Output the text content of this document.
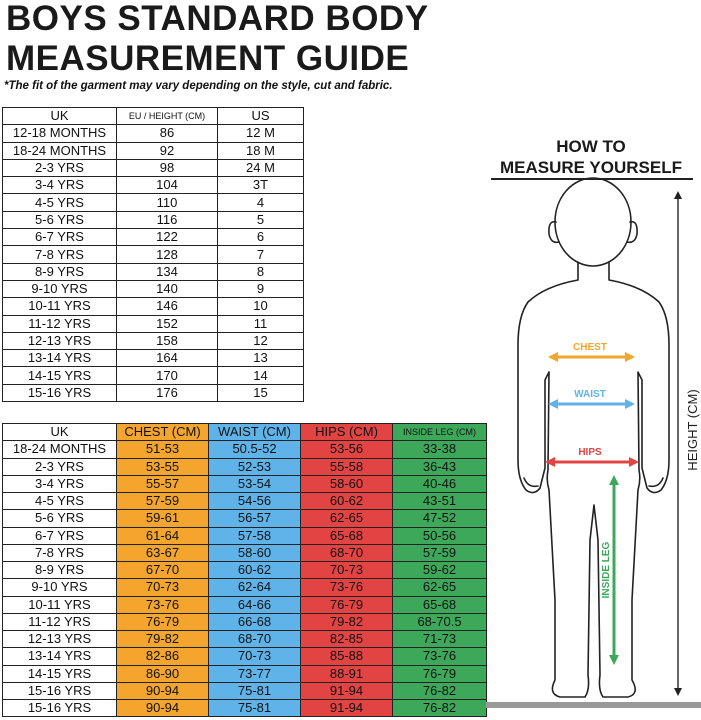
BOYS STANDARD BODY
MEASUREMENT GUIDE
*The fit of the garment may vary depending on the style, cut and fabric.
UK	EU / HEIGHT (CM)	US
12-18 MONTHS	86	12 M
18-24 MONTHS	92	18 M
2-3 YRS	98	24 M
3-4 YRS	104	3T
4-5 YRS	110	4
5-6 YRS	116	5
6-7 YRS	122	6
7-8 YRS	128	7
8-9 YRS	134	8
9-10 YRS	140	9
10-11 YRS	146	10
11-12 YRS	152	11
12-13 YRS	158	12
13-14 YRS	164	13
14-15 YRS	170	14
15-16 YRS	176	15
UK	CHEST (CM)	WAIST (CM)	HIPS (CM)	INSIDE LEG (CM)
18-24 MONTHS	51-53	50.5-52	53-56	33-38
2-3 YRS	53-55	52-53	55-58	36-43
3-4 YRS	55-57	53-54	58-60	40-46
4-5 YRS	57-59	54-56	60-62	43-51
5-6 YRS	59-61	56-57	62-65	47-52
6-7 YRS	61-64	57-58	65-68	50-56
7-8 YRS	63-67	58-60	68-70	57-59
8-9 YRS	67-70	60-62	70-73	59-62
9-10 YRS	70-73	62-64	73-76	62-65
10-11 YRS	73-76	64-66	76-79	65-68
11-12 YRS	76-79	66-68	79-82	68-70.5
12-13 YRS	79-82	68-70	82-85	71-73
13-14 YRS	82-86	70-73	85-88	73-76
14-15 YRS	86-90	73-77	88-91	76-79
15-16 YRS	90-94	75-81	91-94	76-82
15-16 YRS	90-94	75-81	91-94	76-82
HOW TO
MEASURE YOURSELF
HEIGHT (CM)
CHEST
WAIST
HIPS
INSIDE LEG
